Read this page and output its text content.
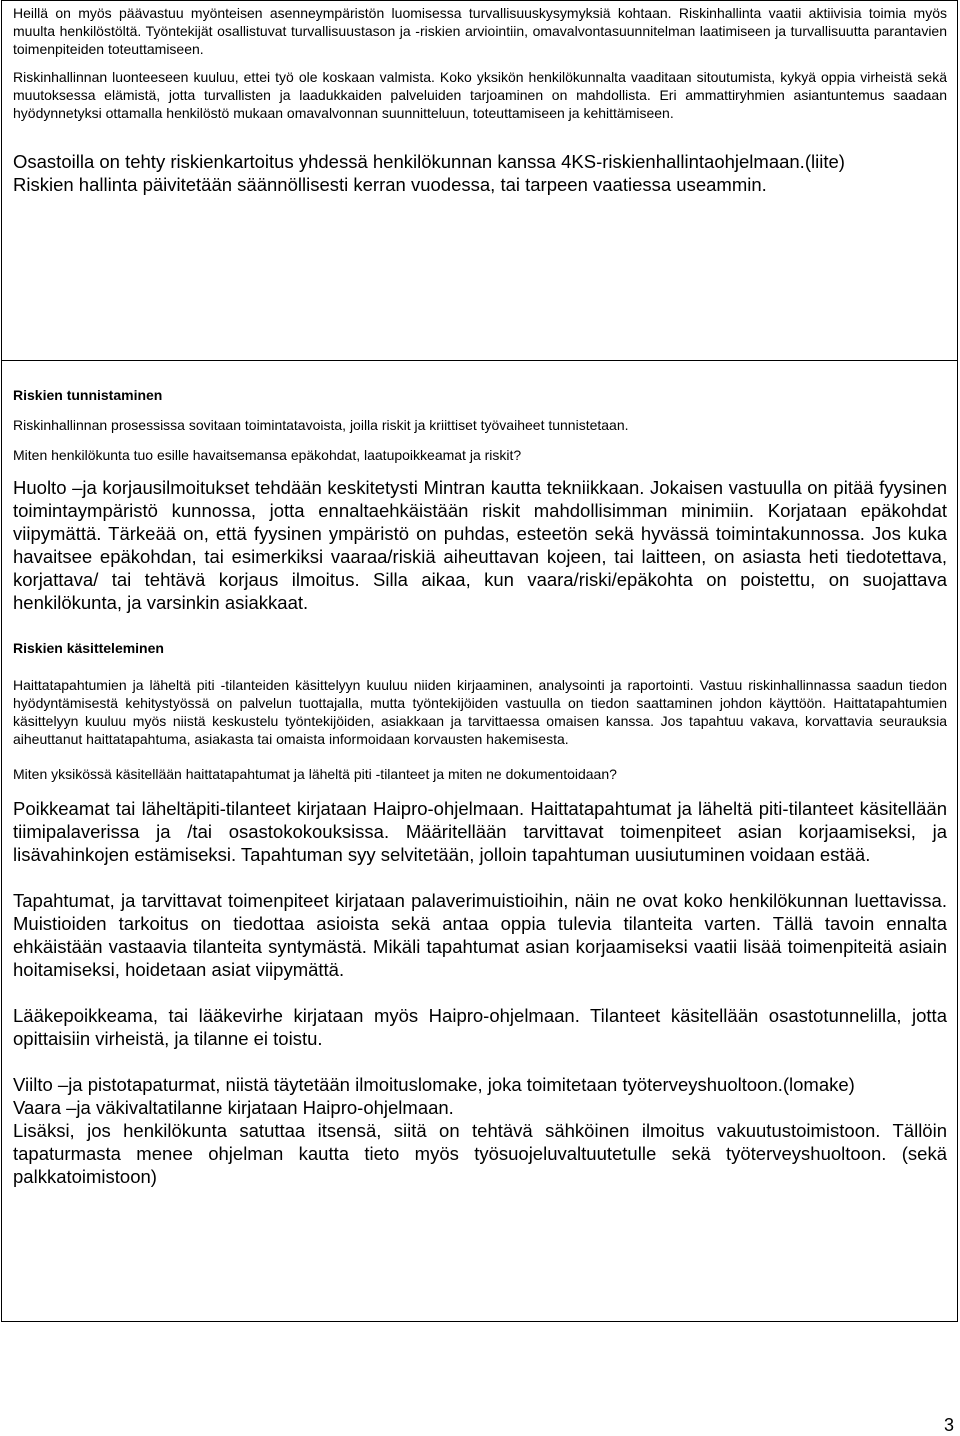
Heillä on myös päävastuu myönteisen asenneympäristön luomisessa turvallisuuskysymyksiä kohtaan. Riskinhallinta vaatii aktiivisia toimia myös muulta henkilöstöltä. Työntekijät osallistuvat turvallisuustason ja -riskien arviointiin, omavalvontasuunnitelman laatimiseen ja turvallisuutta parantavien toimenpiteiden toteuttamiseen.

Riskinhallinnan luonteeseen kuuluu, ettei työ ole koskaan valmista. Koko yksikön henkilökunnalta vaaditaan sitoutumista, kykyä oppia virheistä sekä muutoksessa elämistä, jotta turvallisten ja laadukkaiden palveluiden tarjoaminen on mahdollista. Eri ammattiryhmien asiantuntemus saadaan hyödynnetyksi ottamalla henkilöstö mukaan omavalvonnan suunnitteluun, toteuttamiseen ja kehittämiseen.

Osastoilla on tehty riskienkartoitus yhdessä henkilökunnan kanssa 4KS-riskienhallintaohjelmaan.(liite)

Riskien hallinta päivitetään säännöllisesti kerran vuodessa, tai tarpeen vaatiessa useammin.

Riskien tunnistaminen

Riskinhallinnan prosessissa sovitaan toimintatavoista, joilla riskit ja kriittiset työvaiheet tunnistetaan.

Miten henkilökunta tuo esille havaitsemansa epäkohdat, laatupoikkeamat ja riskit?

Huolto –ja korjausilmoitukset tehdään keskitetysti Mintran kautta tekniikkaan. Jokaisen vastuulla on pitää fyysinen toimintaympäristö kunnossa, jotta ennaltaehkäistään riskit mahdollisimman minimiin. Korjataan epäkohdat viipymättä. Tärkeää on, että fyysinen ympäristö on puhdas, esteetön sekä hyvässä toimintakunnossa. Jos kuka havaitsee epäkohdan, tai esimerkiksi vaaraa/riskiä aiheuttavan kojeen, tai laitteen, on asiasta heti tiedotettava, korjattava/ tai tehtävä korjaus ilmoitus. Silla aikaa, kun vaara/riski/epäkohta on poistettu, on suojattava henkilökunta, ja varsinkin asiakkaat.

Riskien käsitteleminen

Haittatapahtumien ja läheltä piti -tilanteiden käsittelyyn kuuluu niiden kirjaaminen, analysointi ja raportointi. Vastuu riskinhallinnassa saadun tiedon hyödyntämisestä kehitystyössä on palvelun tuottajalla, mutta työntekijöiden vastuulla on tiedon saattaminen johdon käyttöön. Haittatapahtumien käsittelyyn kuuluu myös niistä keskustelu työntekijöiden, asiakkaan ja tarvittaessa omaisen kanssa. Jos tapahtuu vakava, korvattavia seurauksia aiheuttanut haittatapahtuma, asiakasta tai omaista informoidaan korvausten hakemisesta.

Miten yksikössä käsitellään haittatapahtumat ja läheltä piti -tilanteet ja miten ne dokumentoidaan?

Poikkeamat tai läheltäpiti-tilanteet kirjataan Haipro-ohjelmaan. Haittatapahtumat ja läheltä piti-tilanteet käsitellään tiimipalaverissa ja /tai osastokokouksissa. Määritellään tarvittavat toimenpiteet asian korjaamiseksi, ja lisävahinkojen estämiseksi. Tapahtuman syy selvitetään, jolloin tapahtuman uusiutuminen voidaan estää.

Tapahtumat, ja tarvittavat toimenpiteet kirjataan palaverimuistioihin, näin ne ovat koko henkilökunnan luettavissa. Muistioiden tarkoitus on tiedottaa asioista sekä antaa oppia tulevia tilanteita varten. Tällä tavoin ennalta ehkäistään vastaavia tilanteita syntymästä. Mikäli tapahtumat asian korjaamiseksi vaatii lisää toimenpiteitä asiain hoitamiseksi, hoidetaan asiat viipymättä.

Lääkepoikkeama, tai lääkevirhe kirjataan myös Haipro-ohjelmaan. Tilanteet käsitellään osastotunnelilla, jotta opittaisiin virheistä, ja tilanne ei toistu.

Viilto –ja pistotapaturmat, niistä täytetään ilmoituslomake, joka toimitetaan työterveyshuoltoon.(lomake)

Vaara –ja väkivaltatilanne kirjataan Haipro-ohjelmaan.

Lisäksi, jos henkilökunta satuttaa itsensä, siitä on tehtävä sähköinen ilmoitus vakuutustoimistoon. Tällöin tapaturmasta menee ohjelman kautta tieto myös työsuojeluvaltuutetulle sekä työterveyshuoltoon. (sekä palkkatoimistoon)

3
